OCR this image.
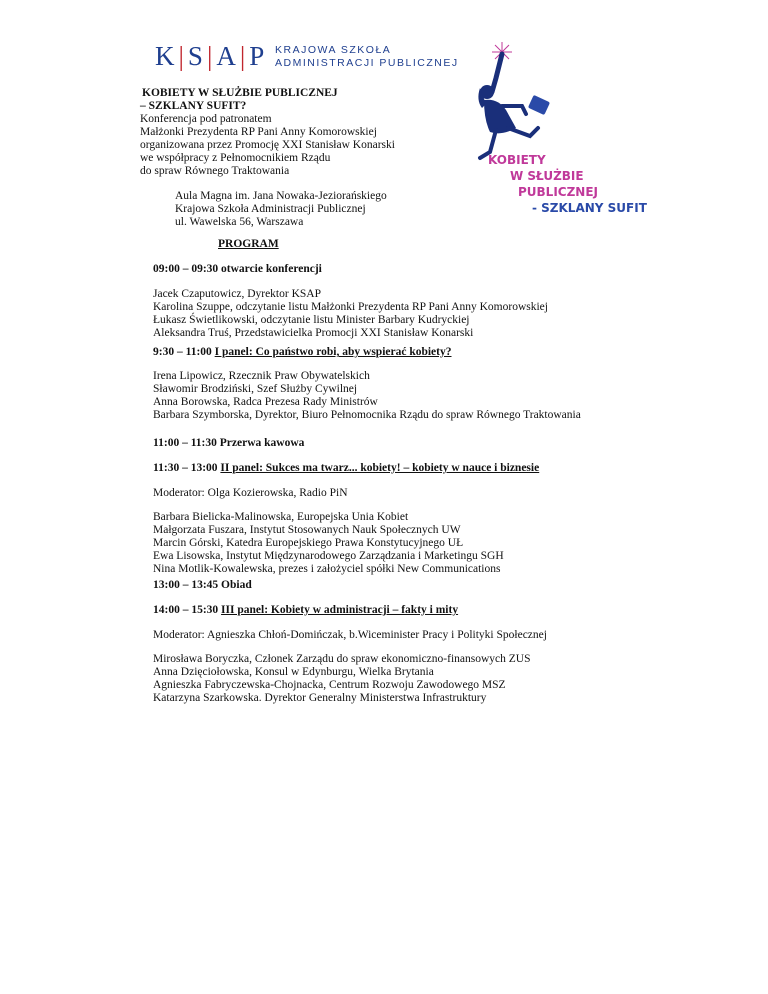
K | S | A | P KRAJOWA SZKOŁA
ADMINISTRACJI PUBLICZNEJ
KOBIETY
W SŁUŻBIE
PUBLICZNEJ
- SZKLANY SUFIT
KOBIETY W SŁUŻBIE PUBLICZNEJ
– SZKLANY SUFIT?
Konferencja pod patronatem
Małżonki Prezydenta RP Pani Anny Komorowskiej
organizowana przez Promocję XXI Stanisław Konarski
we współpracy z Pełnomocnikiem Rządu
do spraw Równego Traktowania
Aula Magna im. Jana Nowaka-Jeziorańskiego
Krajowa Szkoła Administracji Publicznej
ul. Wawelska 56, Warszawa
PROGRAM
09:00 – 09:30 otwarcie konferencji
Jacek Czaputowicz, Dyrektor KSAP
Karolina Szuppe, odczytanie listu Małżonki Prezydenta RP Pani Anny Komorowskiej
Łukasz Świetlikowski, odczytanie listu Minister Barbary Kudryckiej
Aleksandra Truś, Przedstawicielka Promocji XXI Stanisław Konarski
9:30 – 11:00 I panel: Co państwo robi, aby wspierać kobiety?
Irena Lipowicz, Rzecznik Praw Obywatelskich
Sławomir Brodziński, Szef Służby Cywilnej
Anna Borowska, Radca Prezesa Rady Ministrów
Barbara Szymborska, Dyrektor, Biuro Pełnomocnika Rządu do spraw Równego Traktowania
11:00 – 11:30 Przerwa kawowa
11:30 – 13:00 II panel: Sukces ma twarz... kobiety! – kobiety w nauce i biznesie
Moderator: Olga Kozierowska, Radio PiN
Barbara Bielicka-Malinowska, Europejska Unia Kobiet
Małgorzata Fuszara, Instytut Stosowanych Nauk Społecznych UW
Marcin Górski, Katedra Europejskiego Prawa Konstytucyjnego UŁ
Ewa Lisowska, Instytut Międzynarodowego Zarządzania i Marketingu SGH
Nina Motlik-Kowalewska, prezes i założyciel spółki New Communications
13:00 – 13:45 Obiad
14:00 – 15:30 III panel: Kobiety w administracji – fakty i mity
Moderator: Agnieszka Chłoń-Domińczak, b.Wiceminister Pracy i Polityki Społecznej
Mirosława Boryczka, Członek Zarządu do spraw ekonomiczno-finansowych ZUS
Anna Dzięciołowska, Konsul w Edynburgu, Wielka Brytania
Agnieszka Fabryczewska-Chojnacka, Centrum Rozwoju Zawodowego MSZ
Katarzyna Szarkowska. Dyrektor Generalny Ministerstwa Infrastruktury
